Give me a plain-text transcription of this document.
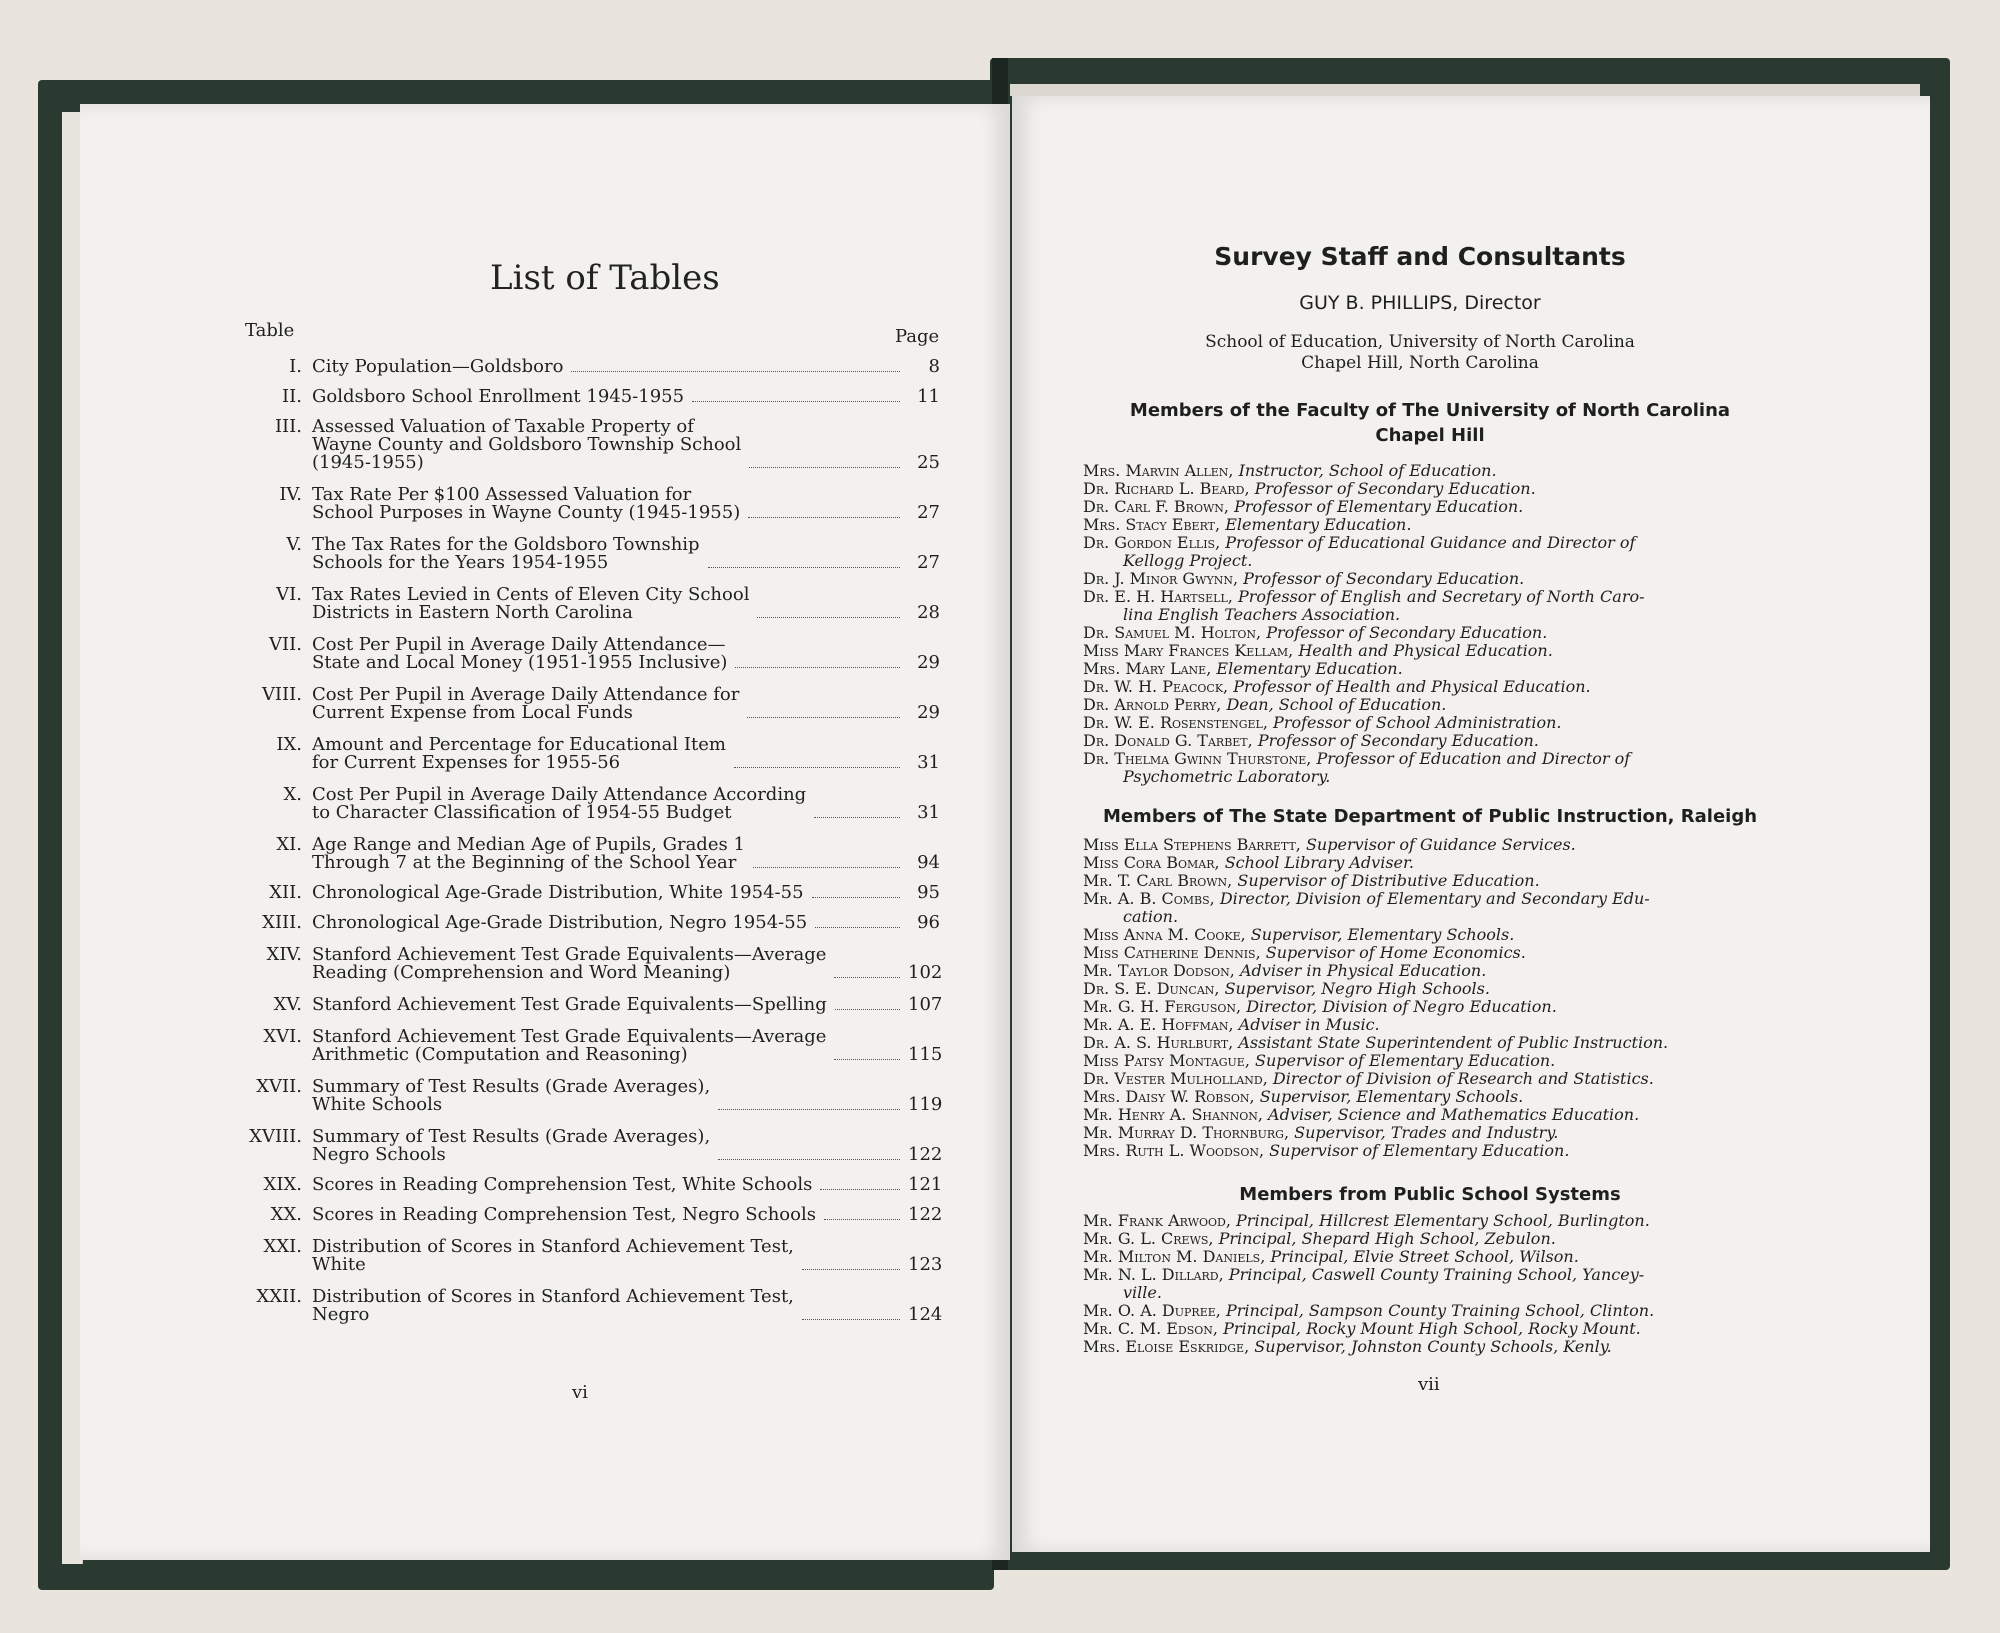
List of Tables
Table	Page
I. City Population—Goldsboro	8
II. Goldsboro School Enrollment 1945-1955	11
III. Assessed Valuation of Taxable Property of
Wayne County and Goldsboro Township School
(1945-1955)	25
IV. Tax Rate Per $100 Assessed Valuation for
School Purposes in Wayne County (1945-1955)	27
V. The Tax Rates for the Goldsboro Township
Schools for the Years 1954-1955	27
VI. Tax Rates Levied in Cents of Eleven City School
Districts in Eastern North Carolina	28
VII. Cost Per Pupil in Average Daily Attendance—
State and Local Money (1951-1955 Inclusive)	29
VIII. Cost Per Pupil in Average Daily Attendance for
Current Expense from Local Funds	29
IX. Amount and Percentage for Educational Item
for Current Expenses for 1955-56	31
X. Cost Per Pupil in Average Daily Attendance According
to Character Classification of 1954-55 Budget	31
XI. Age Range and Median Age of Pupils, Grades 1
Through 7 at the Beginning of the School Year	94
XII. Chronological Age-Grade Distribution, White 1954-55	95
XIII. Chronological Age-Grade Distribution, Negro 1954-55	96
XIV. Stanford Achievement Test Grade Equivalents—Average
Reading (Comprehension and Word Meaning)	102
XV. Stanford Achievement Test Grade Equivalents—Spelling	107
XVI. Stanford Achievement Test Grade Equivalents—Average
Arithmetic (Computation and Reasoning)	115
XVII. Summary of Test Results (Grade Averages),
White Schools	119
XVIII. Summary of Test Results (Grade Averages),
Negro Schools	122
XIX. Scores in Reading Comprehension Test, White Schools	121
XX. Scores in Reading Comprehension Test, Negro Schools	122
XXI. Distribution of Scores in Stanford Achievement Test,
White	123
XXII. Distribution of Scores in Stanford Achievement Test,
Negro	124
vi
Survey Staff and Consultants
GUY B. PHILLIPS, Director
School of Education, University of North Carolina
Chapel Hill, North Carolina
Members of the Faculty of The University of North Carolina
Chapel Hill
Mrs. Marvin Allen, Instructor, School of Education.
Dr. Richard L. Beard, Professor of Secondary Education.
Dr. Carl F. Brown, Professor of Elementary Education.
Mrs. Stacy Ebert, Elementary Education.
Dr. Gordon Ellis, Professor of Educational Guidance and Director of
Kellogg Project.
Dr. J. Minor Gwynn, Professor of Secondary Education.
Dr. E. H. Hartsell, Professor of English and Secretary of North Caro-
lina English Teachers Association.
Dr. Samuel M. Holton, Professor of Secondary Education.
Miss Mary Frances Kellam, Health and Physical Education.
Mrs. Mary Lane, Elementary Education.
Dr. W. H. Peacock, Professor of Health and Physical Education.
Dr. Arnold Perry, Dean, School of Education.
Dr. W. E. Rosenstengel, Professor of School Administration.
Dr. Donald G. Tarbet, Professor of Secondary Education.
Dr. Thelma Gwinn Thurstone, Professor of Education and Director of
Psychometric Laboratory.
Members of The State Department of Public Instruction, Raleigh
Miss Ella Stephens Barrett, Supervisor of Guidance Services.
Miss Cora Bomar, School Library Adviser.
Mr. T. Carl Brown, Supervisor of Distributive Education.
Mr. A. B. Combs, Director, Division of Elementary and Secondary Edu-
cation.
Miss Anna M. Cooke, Supervisor, Elementary Schools.
Miss Catherine Dennis, Supervisor of Home Economics.
Mr. Taylor Dodson, Adviser in Physical Education.
Dr. S. E. Duncan, Supervisor, Negro High Schools.
Mr. G. H. Ferguson, Director, Division of Negro Education.
Mr. A. E. Hoffman, Adviser in Music.
Dr. A. S. Hurlburt, Assistant State Superintendent of Public Instruction.
Miss Patsy Montague, Supervisor of Elementary Education.
Dr. Vester Mulholland, Director of Division of Research and Statistics.
Mrs. Daisy W. Robson, Supervisor, Elementary Schools.
Mr. Henry A. Shannon, Adviser, Science and Mathematics Education.
Mr. Murray D. Thornburg, Supervisor, Trades and Industry.
Mrs. Ruth L. Woodson, Supervisor of Elementary Education.
Members from Public School Systems
Mr. Frank Arwood, Principal, Hillcrest Elementary School, Burlington.
Mr. G. L. Crews, Principal, Shepard High School, Zebulon.
Mr. Milton M. Daniels, Principal, Elvie Street School, Wilson.
Mr. N. L. Dillard, Principal, Caswell County Training School, Yancey-
ville.
Mr. O. A. Dupree, Principal, Sampson County Training School, Clinton.
Mr. C. M. Edson, Principal, Rocky Mount High School, Rocky Mount.
Mrs. Eloise Eskridge, Supervisor, Johnston County Schools, Kenly.
vii
